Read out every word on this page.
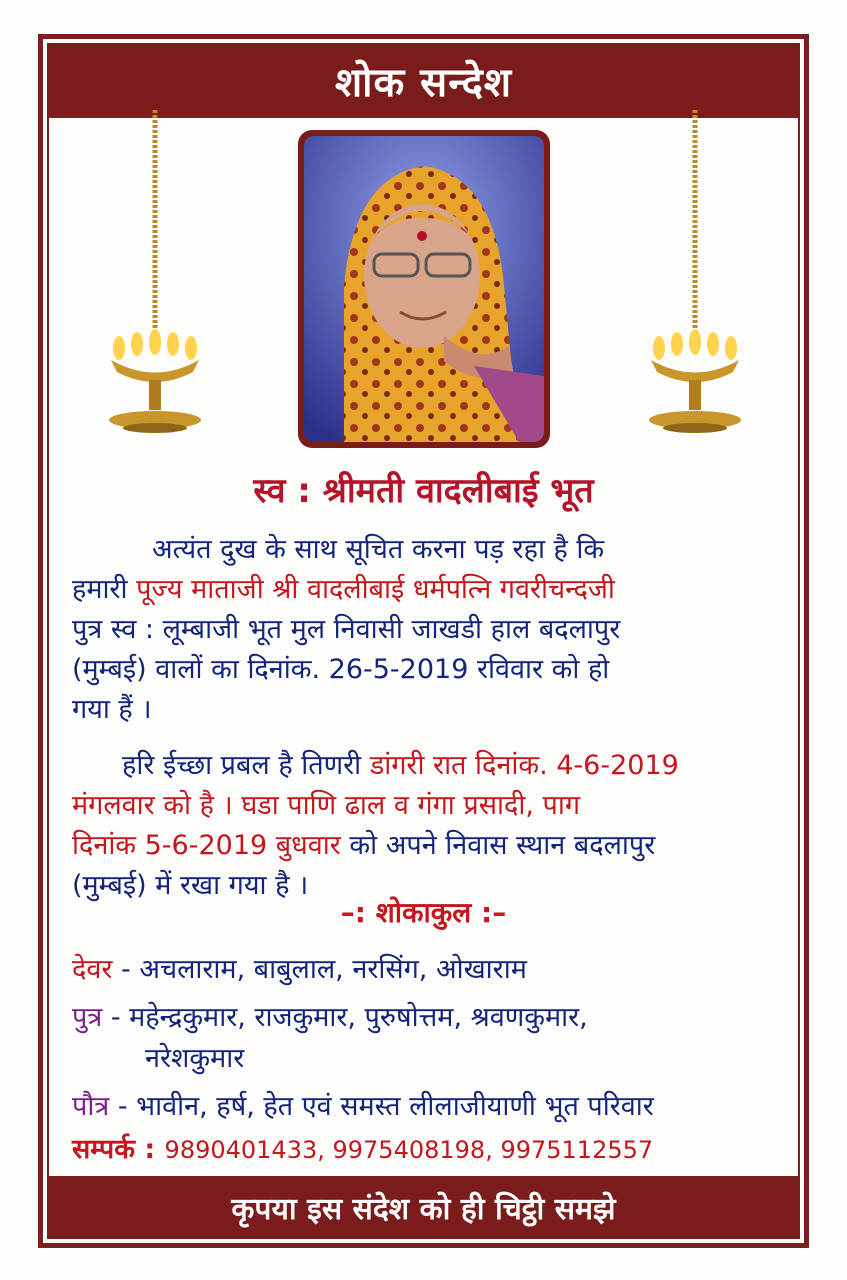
शोक सन्देश
स्व : श्रीमती वादलीबाई भूत
अत्यंत दुख के साथ सूचित करना पड़ रहा है कि
हमारी पूज्य माताजी श्री वादलीबाई धर्मपत्नि गवरीचन्दजी
पुत्र स्व : लूम्बाजी भूत मुल निवासी जाखडी हाल बदलापुर
(मुम्बई) वालों का दिनांक. 26-5-2019 रविवार को हो
गया हैं ।
हरि ईच्छा प्रबल है तिणरी डांगरी रात दिनांक. 4-6-2019
मंगलवार को है । घडा पाणि ढाल व गंगा प्रसादी, पाग
दिनांक 5-6-2019 बुधवार को अपने निवास स्थान बदलापुर
(मुम्बई) में रखा गया है ।
–: शोकाकुल :–
देवर - अचलाराम, बाबुलाल, नरसिंग, ओखाराम
पुत्र - महेन्द्रकुमार, राजकुमार, पुरुषोत्तम, श्रवणकुमार,
नरेशकुमार
पौत्र - भावीन, हर्ष, हेत एवं समस्त लीलाजीयाणी भूत परिवार
सम्पर्क : 9890401433, 9975408198, 9975112557
कृपया इस संदेश को ही चिट्ठी समझे
